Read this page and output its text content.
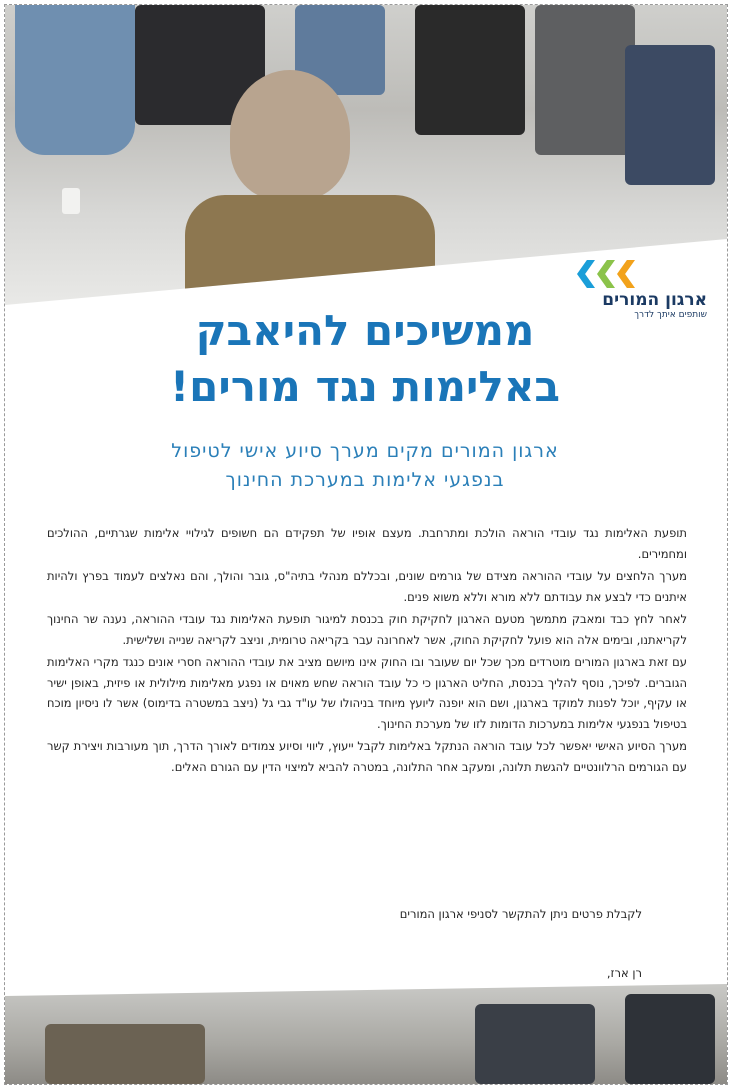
ארגון המורים
שותפים איתך לדרך
ממשיכים להיאבק
באלימות נגד מורים!
ארגון המורים מקים מערך סיוע אישי לטיפול
בנפגעי אלימות במערכת החינוך

תופעת האלימות נגד עובדי הוראה הולכת ומתרחבת. מעצם אופיו של תפקידם הם חשופים לגילויי אלימות שגרתיים, ההולכים ומחמירים.

מערך הלחצים על עובדי ההוראה מצידם של גורמים שונים, ובכללם מנהלי בתיה"ס, גובר והולך, והם נאלצים לעמוד בפרץ ולהיות איתנים כדי לבצע את עבודתם ללא מורא וללא משוא פנים.

לאחר לחץ כבד ומאבק מתמשך מטעם הארגון לחקיקת חוק בכנסת למיגור תופעת האלימות נגד עובדי ההוראה, נענה שר החינוך לקריאתנו, ובימים אלה הוא פועל לחקיקת החוק, אשר לאחרונה עבר בקריאה טרומית, וניצב לקריאה שנייה ושלישית.

עם זאת בארגון המורים מוטרדים מכך שכל יום שעובר ובו החוק אינו מיושם מציב את עובדי ההוראה חסרי אונים כנגד מקרי האלימות הגוברים. לפיכך, נוסף להליך בכנסת, החליט הארגון כי כל עובד הוראה שחש מאוים או נפגע מאלימות מילולית או פיזית, באופן ישיר או עקיף, יוכל לפנות למוקד בארגון, ושם הוא יופנה ליועץ מיוחד בניהולו של עו"ד גבי גל (ניצב במשטרה בדימוס) אשר לו ניסיון מוכח בטיפול בנפגעי אלימות במערכות הדומות לזו של מערכת החינוך.

מערך הסיוע האישי יאפשר לכל עובד הוראה הנתקל באלימות לקבל ייעוץ, ליווי וסיוע צמודים לאורך הדרך, תוך מעורבות ויצירת קשר עם הגורמים הרלוונטיים להגשת תלונה, ומעקב אחר התלונה, במטרה להביא למיצוי הדין עם הגורם האלים.

לקבלת פרטים ניתן להתקשר לסניפי ארגון המורים
רן ארז,
